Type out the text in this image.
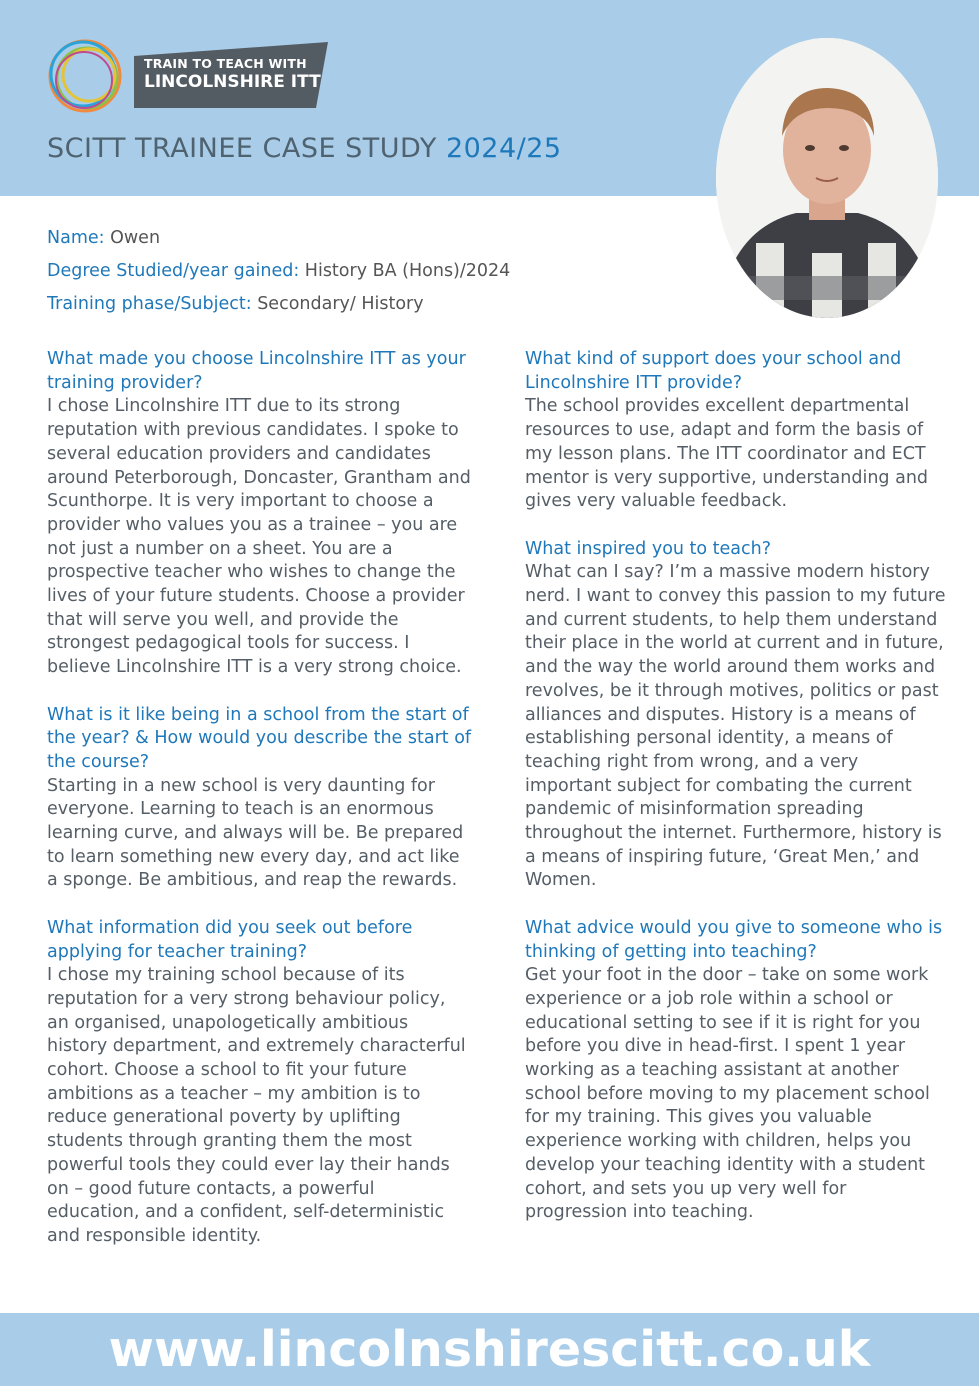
TRAIN TO TEACH WITH
LINCOLNSHIRE ITT
SCITT TRAINEE CASE STUDY 2024/25
Name: Owen
Degree Studied/year gained: History BA (Hons)/2024
Training phase/Subject: Secondary/ History

What made you choose Lincolnshire ITT as your training provider?

I chose Lincolnshire ITT due to its strong reputation with previous candidates. I spoke to several education providers and candidates around Peterborough, Doncaster, Grantham and Scunthorpe. It is very important to choose a provider who values you as a trainee – you are not just a number on a sheet. You are a prospective teacher who wishes to change the lives of your future students. Choose a provider that will serve you well, and provide the strongest pedagogical tools for success. I believe Lincolnshire ITT is a very strong choice.

What is it like being in a school from the start of the year? & How would you describe the start of the course?

Starting in a new school is very daunting for everyone. Learning to teach is an enormous learning curve, and always will be. Be prepared to learn something new every day, and act like a sponge. Be ambitious, and reap the rewards.

What information did you seek out before applying for teacher training?

I chose my training school because of its reputation for a very strong behaviour policy, an organised, unapologetically ambitious history department, and extremely characterful cohort. Choose a school to fit your future ambitions as a teacher – my ambition is to reduce generational poverty by uplifting students through granting them the most powerful tools they could ever lay their hands on – good future contacts, a powerful education, and a confident, self-deterministic and responsible identity.

What kind of support does your school and Lincolnshire ITT provide?

The school provides excellent departmental resources to use, adapt and form the basis of my lesson plans. The ITT coordinator and ECT mentor is very supportive, understanding and gives very valuable feedback.

What inspired you to teach?

What can I say? I’m a massive modern history nerd. I want to convey this passion to my future and current students, to help them understand their place in the world at current and in future, and the way the world around them works and revolves, be it through motives, politics or past alliances and disputes. History is a means of establishing personal identity, a means of teaching right from wrong, and a very important subject for combating the current pandemic of misinformation spreading throughout the internet. Furthermore, history is a means of inspiring future, ‘Great Men,’ and Women.

What advice would you give to someone who is thinking of getting into teaching?

Get your foot in the door – take on some work experience or a job role within a school or educational setting to see if it is right for you before you dive in head-first. I spent 1 year working as a teaching assistant at another school before moving to my placement school for my training. This gives you valuable experience working with children, helps you develop your teaching identity with a student cohort, and sets you up very well for progression into teaching.

www.lincolnshirescitt.co.uk
